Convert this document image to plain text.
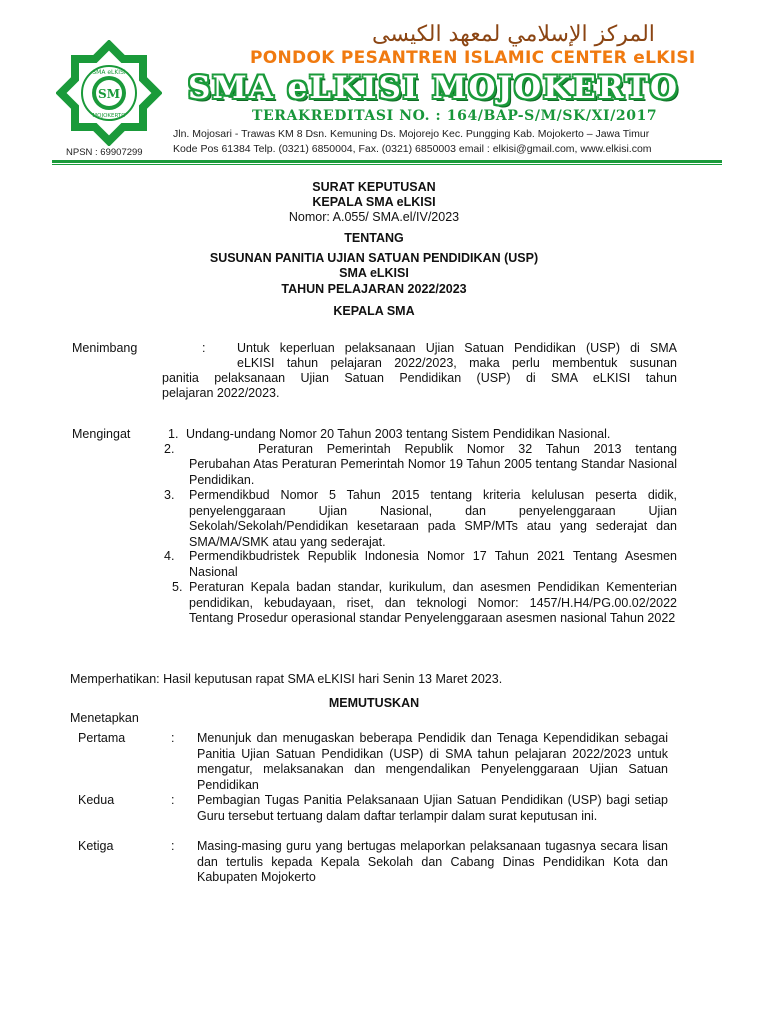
SM
SMA eLKISI
MOJOKERTO
المركز الإسلامي لمعهد الكيسى
PONDOK PESANTREN ISLAMIC CENTER eLKISI
SMA eLKISI MOJOKERTO
TERAKREDITASI NO. : 164/BAP-S/M/SK/XI/2017
Jln. Mojosari - Trawas KM 8 Dsn. Kemuning Ds. Mojorejo Kec. Pungging Kab. Mojokerto – Jawa Timur
Kode Pos 61384 Telp. (0321) 6850004, Fax. (0321) 6850003 email : elkisi@gmail.com, www.elkisi.com
NPSN : 69907299
SURAT KEPUTUSAN
KEPALA SMA eLKISI
Nomor: A.055/ SMA.el/IV/2023
TENTANG
SUSUNAN PANITIA UJIAN SATUAN PENDIDIKAN (USP)
SMA eLKISI
TAHUN PELAJARAN 2022/2023
KEPALA SMA
Menimbang	:	Untuk keperluan pelaksanaan Ujian Satuan Pendidikan (USP) di SMA
eLKISI tahun pelajaran 2022/2023, maka perlu membentuk susunan
panitia pelaksanaan Ujian Satuan Pendidikan (USP) di SMA eLKISI tahun
pelajaran 2022/2023.
Mengingat	1. Undang-undang Nomor 20 Tahun 2003 tentang Sistem Pendidikan Nasional.
2.	Peraturan Pemerintah Republik Nomor 32 Tahun 2013 tentang
Perubahan Atas Peraturan Pemerintah Nomor 19 Tahun 2005 tentang Standar Nasional Pendidikan.
3. Permendikbud Nomor 5 Tahun 2015 tentang kriteria kelulusan peserta didik, penyelenggaraan Ujian Nasional, dan penyelenggaraan Ujian Sekolah/Sekolah/Pendidikan kesetaraan pada SMP/MTs atau yang sederajat dan SMA/MA/SMK atau yang sederajat.
4. Permendikbudristek Republik Indonesia Nomor 17 Tahun 2021 Tentang Asesmen Nasional
5. Peraturan Kepala badan standar, kurikulum, dan asesmen Pendidikan Kementerian pendidikan, kebudayaan, riset, dan teknologi Nomor: 1457/H.H4/PG.00.02/2022 Tentang Prosedur operasional standar Penyelenggaraan asesmen nasional Tahun 2022
Memperhatikan: Hasil keputusan rapat SMA eLKISI hari Senin 13 Maret 2023.
MEMUTUSKAN
Menetapkan
Pertama	: Menunjuk dan menugaskan beberapa Pendidik dan Tenaga Kependidikan sebagai Panitia Ujian Satuan Pendidikan (USP) di SMA tahun pelajaran 2022/2023 untuk mengatur, melaksanakan dan mengendalikan Penyelenggaraan Ujian Satuan Pendidikan
Kedua	: Pembagian Tugas Panitia Pelaksanaan Ujian Satuan Pendidikan (USP) bagi setiap Guru tersebut tertuang dalam daftar terlampir dalam surat keputusan ini.
Ketiga	: Masing-masing guru yang bertugas melaporkan pelaksanaan tugasnya secara lisan dan tertulis kepada Kepala Sekolah dan Cabang Dinas Pendidikan Kota dan Kabupaten Mojokerto
